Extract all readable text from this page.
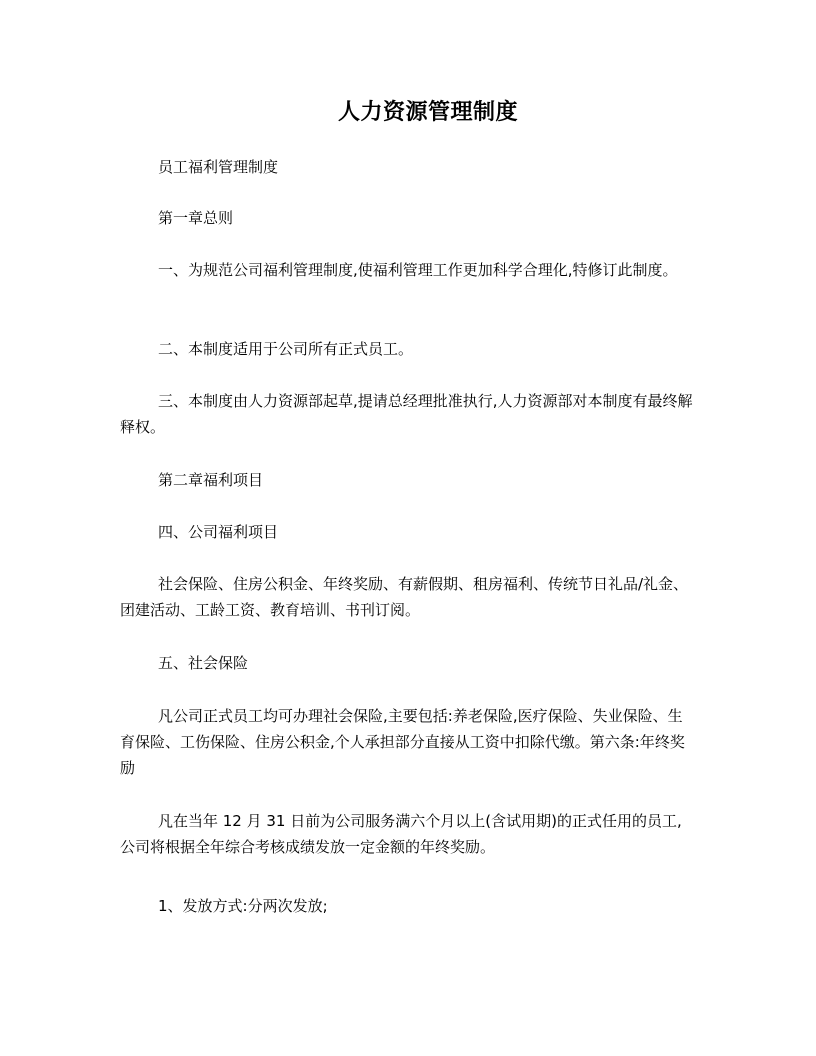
人力资源管理制度
员工福利管理制度
第一章总则
一、为规范公司福利管理制度,使福利管理工作更加科学合理化,特修订此制度。
二、本制度适用于公司所有正式员工。
三、本制度由人力资源部起草,提请总经理批准执行,人力资源部对本制度有最终解释权。
第二章福利项目
四、公司福利项目
社会保险、住房公积金、年终奖励、有薪假期、租房福利、传统节日礼品/礼金、团建活动、工龄工资、教育培训、书刊订阅。
五、社会保险
凡公司正式员工均可办理社会保险,主要包括:养老保险,医疗保险、失业保险、生育保险、工伤保险、住房公积金,个人承担部分直接从工资中扣除代缴。第六条:年终奖励
凡在当年 12 月 31 日前为公司服务满六个月以上(含试用期)的正式任用的员工,公司将根据全年综合考核成绩发放一定金额的年终奖励。
1、发放方式:分两次发放;
